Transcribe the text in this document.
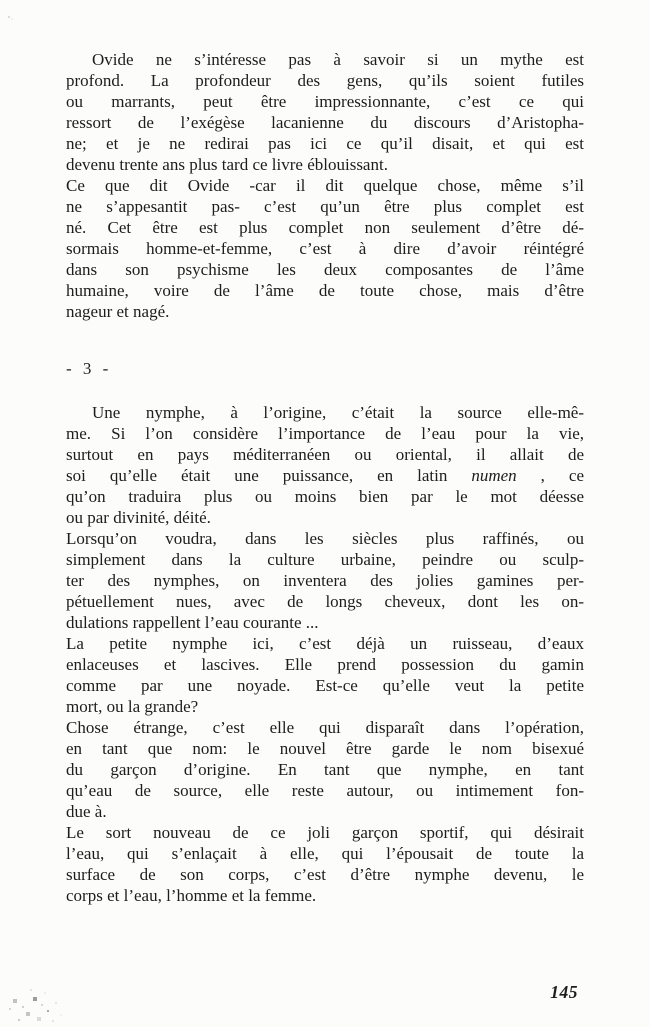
Ovide ne s’intéresse pas à savoir si un mythe est
profond. La profondeur des gens, qu’ils soient futiles
ou marrants, peut être impressionnante, c’est ce qui
ressort de l’exégèse lacanienne du discours d’Aristopha-
ne; et je ne redirai pas ici ce qu’il disait, et qui est
devenu trente ans plus tard ce livre éblouissant.
Ce que dit Ovide -car il dit quelque chose, même s’il
ne s’appesantit pas- c’est qu’un être plus complet est
né. Cet être est plus complet non seulement d’être dé-
sormais homme-et-femme, c’est à dire d’avoir réintégré
dans son psychisme les deux composantes de l’âme
humaine, voire de l’âme de toute chose, mais d’être
nageur et nagé.
- 3 -
Une nymphe, à l’origine, c’était la source elle-mê-
me. Si l’on considère l’importance de l’eau pour la vie,
surtout en pays méditerranéen ou oriental, il allait de
soi qu’elle était une puissance, en latin numen , ce
qu’on traduira plus ou moins bien par le mot déesse
ou par divinité, déité.
Lorsqu’on voudra, dans les siècles plus raffinés, ou
simplement dans la culture urbaine, peindre ou sculp-
ter des nymphes, on inventera des jolies gamines per-
pétuellement nues, avec de longs cheveux, dont les on-
dulations rappellent l’eau courante ...
La petite nymphe ici, c’est déjà un ruisseau, d’eaux
enlaceuses et lascives. Elle prend possession du gamin
comme par une noyade. Est-ce qu’elle veut la petite
mort, ou la grande?
Chose étrange, c’est elle qui disparaît dans l’opération,
en tant que nom: le nouvel être garde le nom bisexué
du garçon d’origine. En tant que nymphe, en tant
qu’eau de source, elle reste autour, ou intimement fon-
due à.
Le sort nouveau de ce joli garçon sportif, qui désirait
l’eau, qui s’enlaçait à elle, qui l’épousait de toute la
surface de son corps, c’est d’être nymphe devenu, le
corps et l’eau, l’homme et la femme.
145
